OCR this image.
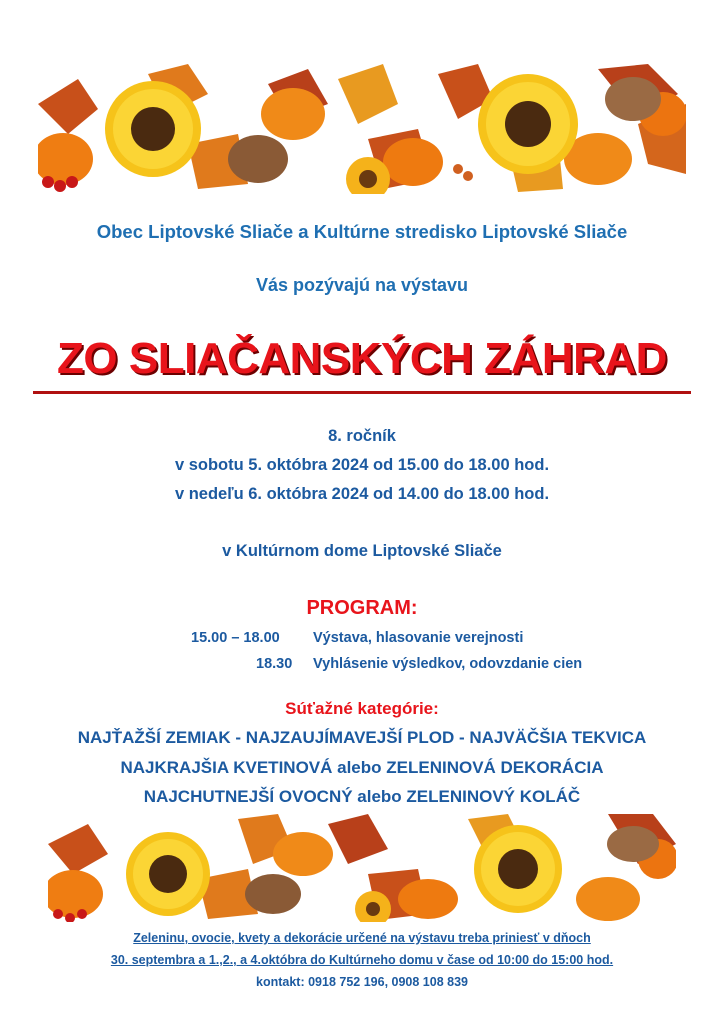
Obec Liptovské Sliače a Kultúrne stredisko Liptovské Sliače
Vás pozývajú na výstavu
ZO SLIAČANSKÝCH ZÁHRAD
8. ročník
v sobotu 5. októbra 2024 od 15.00 do 18.00 hod.
v nedeľu 6. októbra 2024 od 14.00 do 18.00 hod.
v Kultúrnom dome Liptovské Sliače
PROGRAM:
15.00 – 18.00 Výstava, hlasovanie verejnosti
18.30 Vyhlásenie výsledkov, odovzdanie cien
Súťažné kategórie:
NAJŤAŽŠÍ ZEMIAK - NAJZAUJÍMAVEJŠÍ PLOD - NAJVÄČŠIA TEKVICA
NAJKRAJŠIA KVETINOVÁ alebo ZELENINOVÁ DEKORÁCIA
NAJCHUTNEJŠÍ OVOCNÝ alebo ZELENINOVÝ KOLÁČ
Zeleninu, ovocie, kvety a dekorácie určené na výstavu treba priniesť v dňoch
30. septembra a 1.,2., a 4.októbra do Kultúrneho domu v čase od 10:00 do 15:00 hod.
kontakt: 0918 752 196, 0908 108 839
